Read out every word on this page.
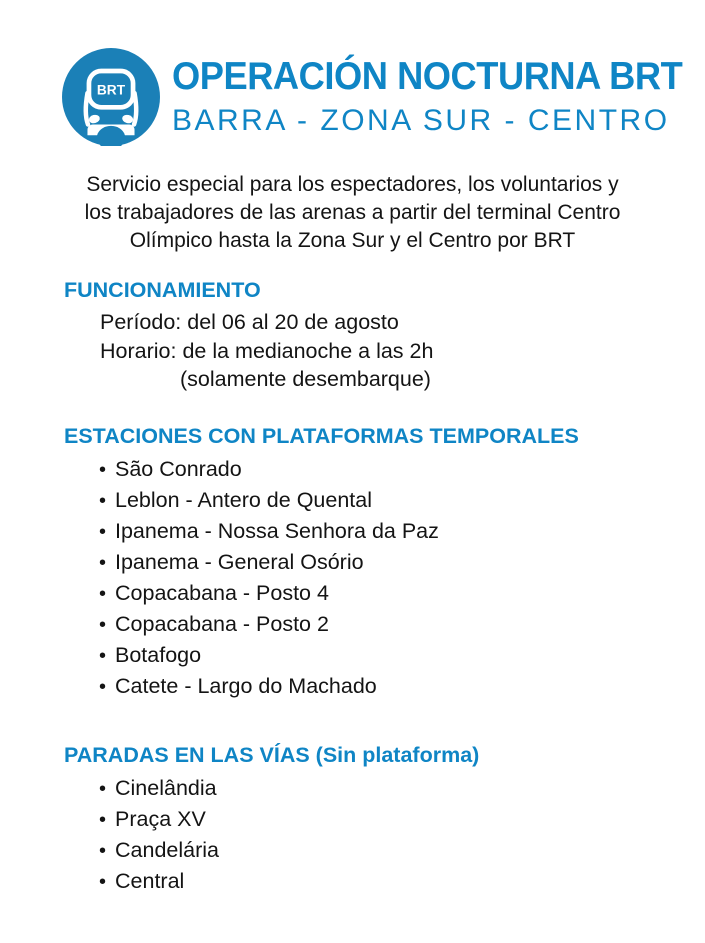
BRT OPERACIÓN NOCTURNA BRT
BARRA - ZONA SUR - CENTRO
Servicio especial para los espectadores, los voluntarios y
los trabajadores de las arenas a partir del terminal Centro
Olímpico hasta la Zona Sur y el Centro por BRT
FUNCIONAMIENTO
Período: del 06 al 20 de agosto
Horario: de la medianoche a las 2h
(solamente desembarque)
ESTACIONES CON PLATAFORMAS TEMPORALES
• São Conrado
• Leblon - Antero de Quental
• Ipanema - Nossa Senhora da Paz
• Ipanema - General Osório
• Copacabana - Posto 4
• Copacabana - Posto 2
• Botafogo
• Catete - Largo do Machado
PARADAS EN LAS VÍAS (Sin plataforma)
• Cinelândia
• Praça XV
• Candelária
• Central
